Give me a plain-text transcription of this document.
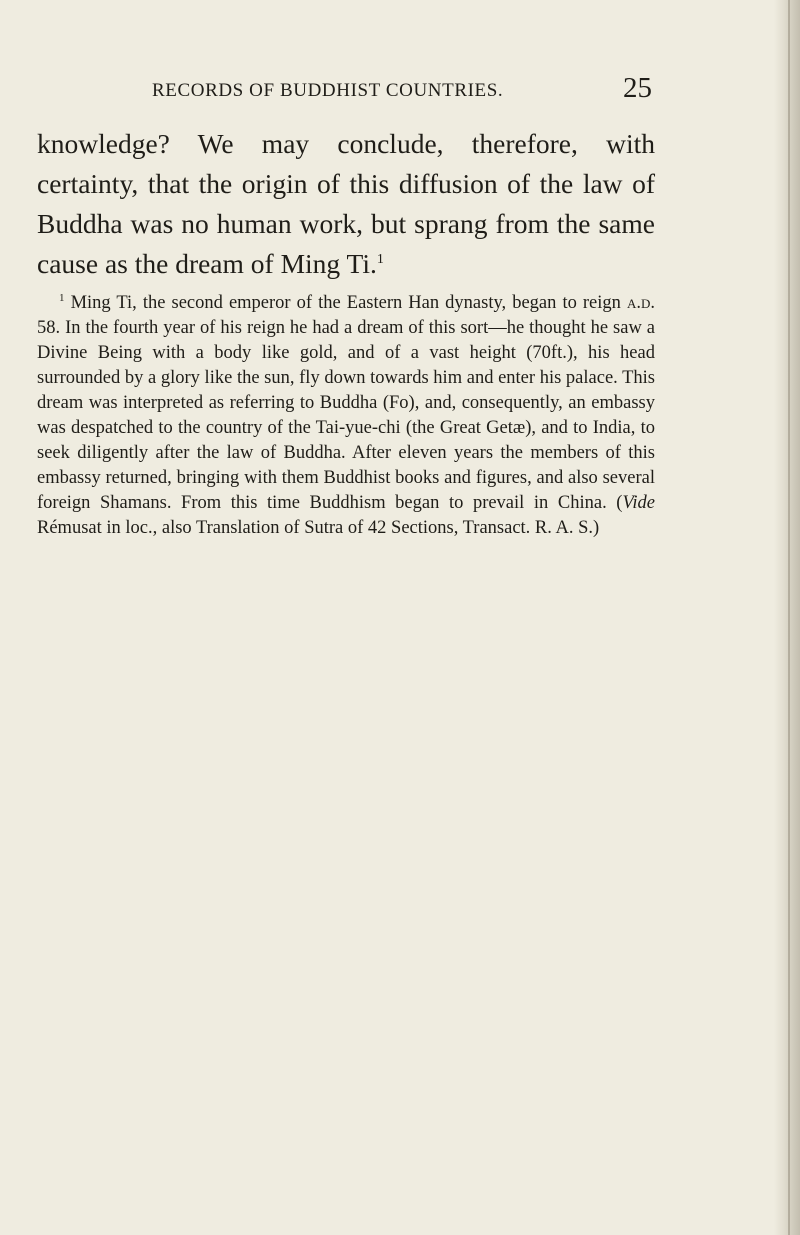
RECORDS OF BUDDHIST COUNTRIES.	25
knowledge? We may conclude, therefore, with certainty, that the origin of this diffusion of the law of Buddha was no human work, but sprang from the same cause as the dream of Ming Ti.$^1$

$^1$ Ming Ti, the second emperor of the Eastern Han dynasty, began to reign a.d. 58. In the fourth year of his reign he had a dream of this sort—he thought he saw a Divine Being with a body like gold, and of a vast height (70ft.), his head surrounded by a glory like the sun, fly down towards him and enter his palace. This dream was interpreted as referring to Buddha (Fo), and, consequently, an embassy was despatched to the country of the Tai-yue-chi (the Great Getæ), and to India, to seek diligently after the law of Buddha. After eleven years the members of this embassy returned, bringing with them Buddhist books and figures, and also several foreign Shamans. From this time Buddhism began to prevail in China. (Vide Rémusat in loc., also Translation of Sutra of 42 Sections, Transact. R. A. S.)
